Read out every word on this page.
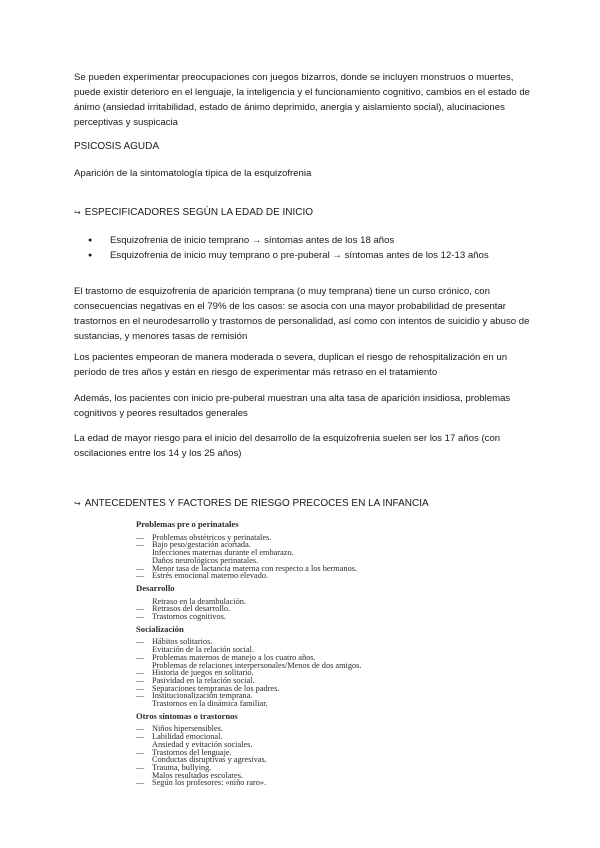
Se pueden experimentar preocupaciones con juegos bizarros, donde se incluyen monstruos o muertes, puede existir deterioro en el lenguaje, la inteligencia y el funcionamiento cognitivo, cambios en el estado de ánimo (ansiedad irritabilidad, estado de ánimo deprimido, anergia y aislamiento social), alucinaciones perceptivas y suspicacia
PSICOSIS AGUDA
Aparición de la sintomatología típica de la esquizofrenia
↪ ESPECIFICADORES SEGÚN LA EDAD DE INICIO
● Esquizofrenia de inicio temprano → síntomas antes de los 18 años
● Esquizofrenia de inicio muy temprano o pre-puberal → síntomas antes de los 12-13 años
El trastorno de esquizofrenia de aparición temprana (o muy temprana) tiene un curso crónico, con consecuencias negativas en el 79% de los casos: se asocia con una mayor probabilidad de presentar trastornos en el neurodesarrollo y trastornos de personalidad, así como con intentos de suicidio y abuso de sustancias, y menores tasas de remisión
Los pacientes empeoran de manera moderada o severa, duplican el riesgo de rehospitalización en un período de tres años y están en riesgo de experimentar más retraso en el tratamiento
Además, los pacientes con inicio pre-puberal muestran una alta tasa de aparición insidiosa, problemas cognitivos y peores resultados generales
La edad de mayor riesgo para el inicio del desarrollo de la esquizofrenia suelen ser los 17 años (con oscilaciones entre los 14 y los 25 años)
↪ ANTECEDENTES Y FACTORES DE RIESGO PRECOCES EN LA INFANCIA
Problemas pre o perinatales
— Problemas obstétricos y perinatales.
— Bajo peso/gestación acortada.
Infecciones maternas durante el embarazo.
Daños neurológicos perinatales.
— Menor tasa de lactancia materna con respecto a los hermanos.
— Estrés emocional materno elevado.
Desarrollo
Retraso en la deambulación.
— Retrasos del desarrollo.
— Trastornos cognitivos.
Socialización
— Hábitos solitarios.
Evitación de la relación social.
— Problemas maternos de manejo a los cuatro años.
Problemas de relaciones interpersonales/Menos de dos amigos.
— Historia de juegos en solitario.
— Pasividad en la relación social.
— Separaciones tempranas de los padres.
— Institucionalización temprana.
Trastornos en la dinámica familiar.
Otros síntomas o trastornos
— Niños hipersensibles.
— Labilidad emocional.
Ansiedad y evitación sociales.
— Trastornos del lenguaje.
Conductas disruptivas y agresivas.
— Trauma, bullying.
Malos resultados escolares.
— Según los profesores: «niño raro».
